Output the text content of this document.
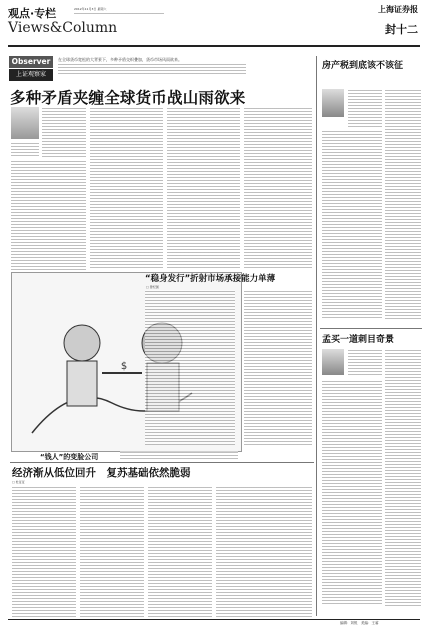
观点·专栏	2012年11月3日 星期六
Views&Column
上海证券报
封十二
Observer
上证观察家
在全球货币宽松的大背景下，多种矛盾交织叠加，货币市场风雨欲来。
多种矛盾夹缠全球货币战山雨欲来
$
“钱人”的变脸公司
“稳身发行”折射市场承接能力单薄
□ 曾纪国
经济渐从低位回升　复苏基础依然脆弱
□ 杜征征
房产税到底该不该征
孟买一道刺目奇景
编辑：刘锐　美编：王睿
